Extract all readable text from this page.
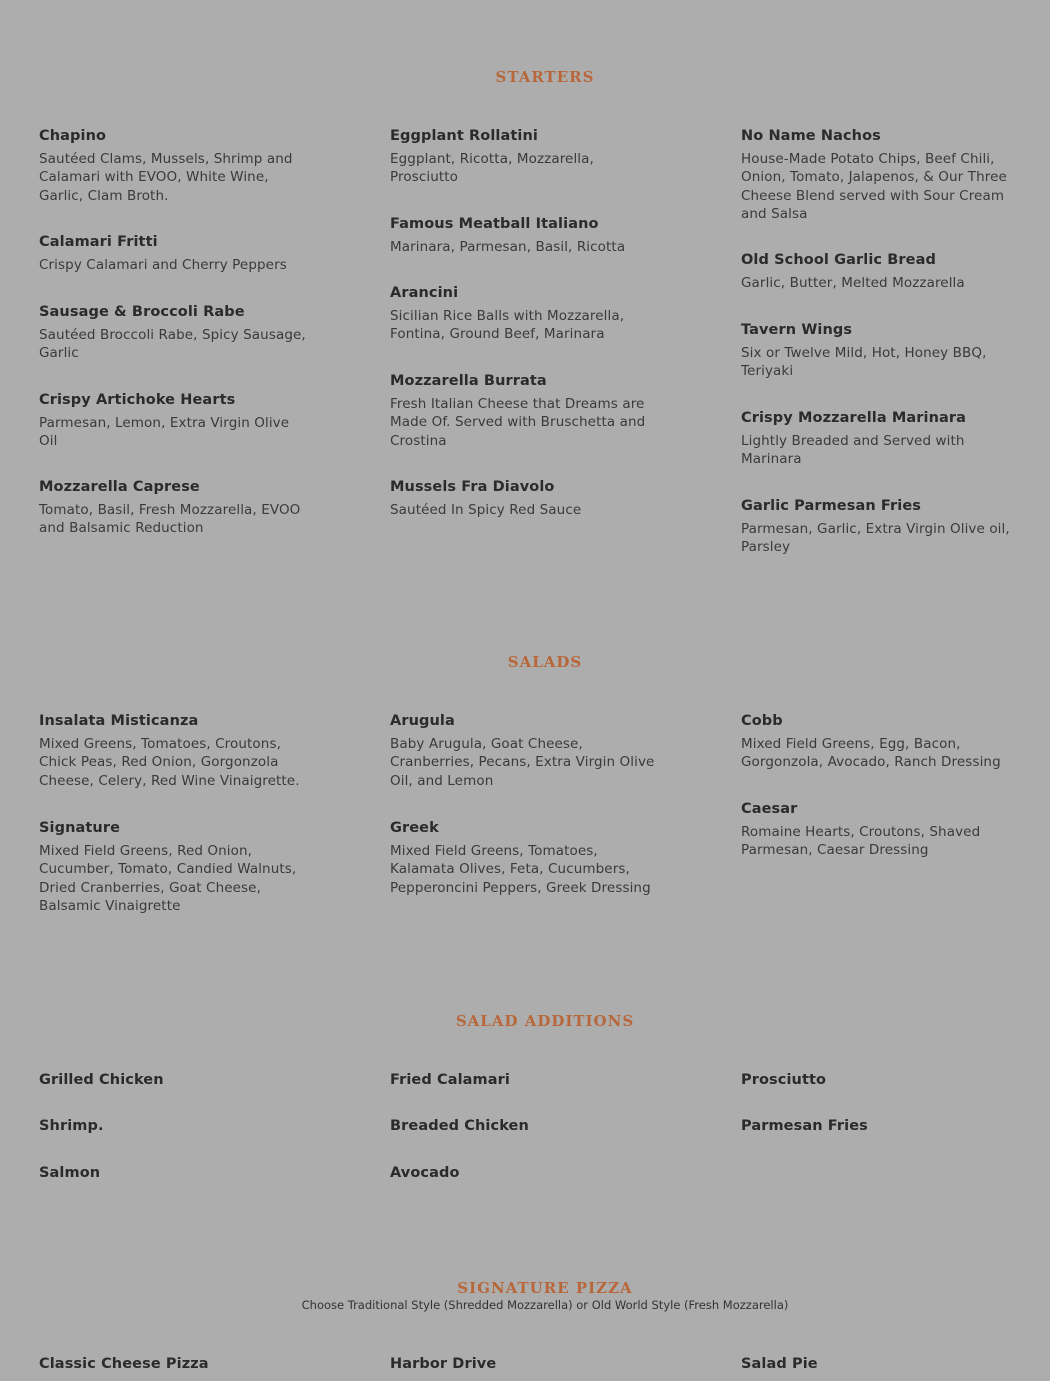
STARTERS
Chapino

Sautéed Clams, Mussels, Shrimp and Calamari with EVOO, White Wine, Garlic, Clam Broth.

Calamari Fritti

Crispy Calamari and Cherry Peppers

Sausage & Broccoli Rabe

Sautéed Broccoli Rabe, Spicy Sausage, Garlic

Crispy Artichoke Hearts

Parmesan, Lemon, Extra Virgin Olive Oil

Mozzarella Caprese

Tomato, Basil, Fresh Mozzarella, EVOO and Balsamic Reduction

Eggplant Rollatini

Eggplant, Ricotta, Mozzarella, Prosciutto

Famous Meatball Italiano

Marinara, Parmesan, Basil, Ricotta

Arancini

Sicilian Rice Balls with Mozzarella, Fontina, Ground Beef, Marinara

Mozzarella Burrata

Fresh Italian Cheese that Dreams are Made Of. Served with Bruschetta and Crostina

Mussels Fra Diavolo

Sautéed In Spicy Red Sauce

No Name Nachos

House-Made Potato Chips, Beef Chili, Onion, Tomato, Jalapenos, & Our Three Cheese Blend served with Sour Cream and Salsa

Old School Garlic Bread

Garlic, Butter, Melted Mozzarella

Tavern Wings

Six or Twelve Mild, Hot, Honey BBQ, Teriyaki

Crispy Mozzarella Marinara

Lightly Breaded and Served with Marinara

Garlic Parmesan Fries

Parmesan, Garlic, Extra Virgin Olive oil, Parsley

SALADS
Insalata Misticanza

Mixed Greens, Tomatoes, Croutons, Chick Peas, Red Onion, Gorgonzola Cheese, Celery, Red Wine Vinaigrette.

Signature

Mixed Field Greens, Red Onion, Cucumber, Tomato, Candied Walnuts, Dried Cranberries, Goat Cheese, Balsamic Vinaigrette

Arugula

Baby Arugula, Goat Cheese, Cranberries, Pecans, Extra Virgin Olive Oil, and Lemon

Greek

Mixed Field Greens, Tomatoes, Kalamata Olives, Feta, Cucumbers, Pepperoncini Peppers, Greek Dressing

Cobb

Mixed Field Greens, Egg, Bacon, Gorgonzola, Avocado, Ranch Dressing

Caesar

Romaine Hearts, Croutons, Shaved Parmesan, Caesar Dressing

SALAD ADDITIONS
Grilled Chicken
Shrimp.
Salmon
Fried Calamari
Breaded Chicken
Avocado
Prosciutto
Parmesan Fries
SIGNATURE PIZZA

Choose Traditional Style (Shredded Mozzarella) or Old World Style (Fresh Mozzarella)

Classic Cheese Pizza	Harbor Drive	Salad Pie
